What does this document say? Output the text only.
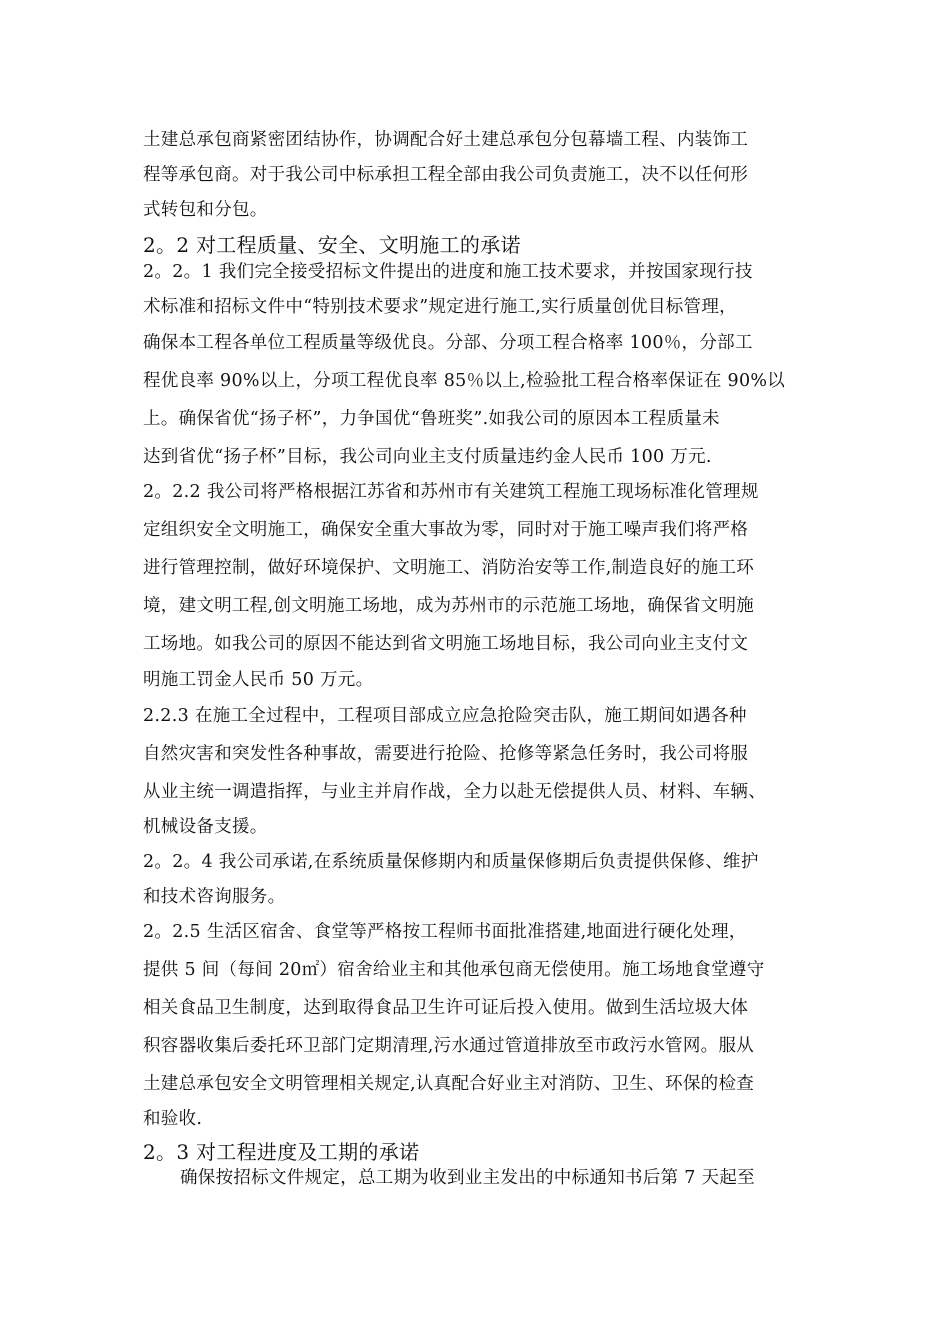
土建总承包商紧密团结协作，协调配合好土建总承包分包幕墙工程、内装饰工
程等承包商。对于我公司中标承担工程全部由我公司负责施工，决不以任何形
式转包和分包。
2。2 对工程质量、安全、文明施工的承诺
2。2。1 我们完全接受招标文件提出的进度和施工技术要求，并按国家现行技
术标准和招标文件中“特别技术要求”规定进行施工,实行质量创优目标管理，
确保本工程各单位工程质量等级优良。分部、分项工程合格率 100％，分部工
程优良率 90%以上，分项工程优良率 85％以上,检验批工程合格率保证在 90%以
上。确保省优“扬子杯”，力争国优“鲁班奖”.如我公司的原因本工程质量未
达到省优“扬子杯”目标，我公司向业主支付质量违约金人民币 100 万元.
2。2.2 我公司将严格根据江苏省和苏州市有关建筑工程施工现场标准化管理规
定组织安全文明施工，确保安全重大事故为零，同时对于施工噪声我们将严格
进行管理控制，做好环境保护、文明施工、消防治安等工作,制造良好的施工环
境，建文明工程,创文明施工场地，成为苏州市的示范施工场地，确保省文明施
工场地。如我公司的原因不能达到省文明施工场地目标，我公司向业主支付文
明施工罚金人民币 50 万元。
2.2.3 在施工全过程中，工程项目部成立应急抢险突击队，施工期间如遇各种
自然灾害和突发性各种事故，需要进行抢险、抢修等紧急任务时，我公司将服
从业主统一调遣指挥，与业主并肩作战，全力以赴无偿提供人员、材料、车辆、
机械设备支援。
2。2。4 我公司承诺,在系统质量保修期内和质量保修期后负责提供保修、维护
和技术咨询服务。
2。2.5 生活区宿舍、食堂等严格按工程师书面批准搭建,地面进行硬化处理，
提供 5 间（每间 20㎡）宿舍给业主和其他承包商无偿使用。施工场地食堂遵守
相关食品卫生制度，达到取得食品卫生许可证后投入使用。做到生活垃圾大体
积容器收集后委托环卫部门定期清理,污水通过管道排放至市政污水管网。服从
土建总承包安全文明管理相关规定,认真配合好业主对消防、卫生、环保的检查
和验收.
2。3 对工程进度及工期的承诺
确保按招标文件规定，总工期为收到业主发出的中标通知书后第 7 天起至
